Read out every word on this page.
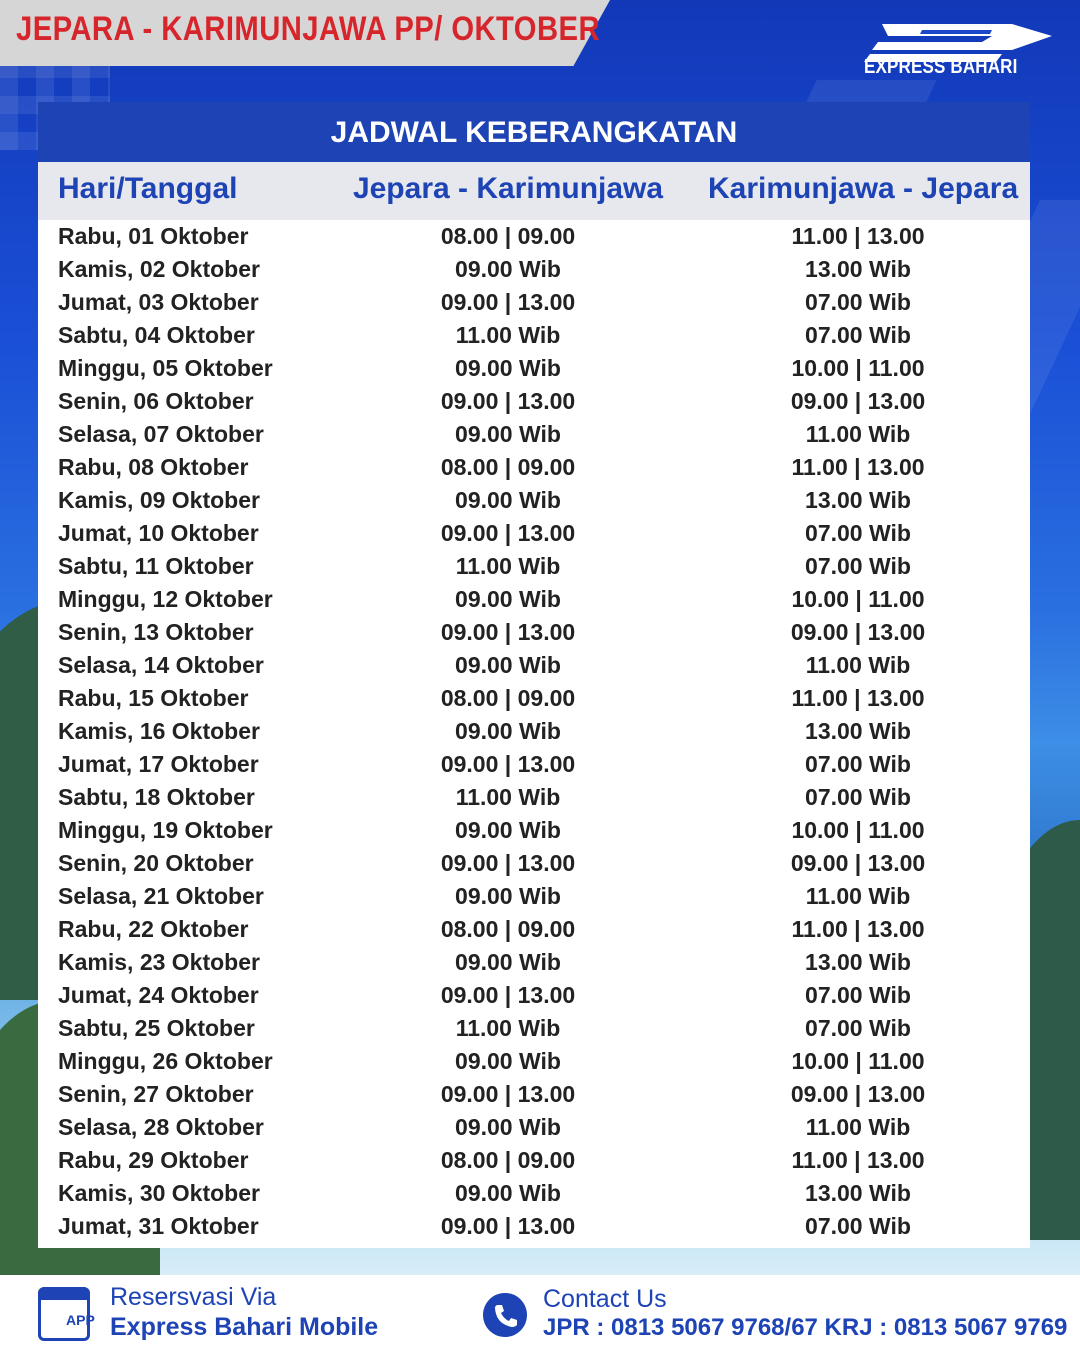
JEPARA - KARIMUNJAWA PP/ OKTOBER
EXPRESS BAHARI
JADWAL KEBERANGKATAN
Hari/Tanggal	Jepara - Karimunjawa	Karimunjawa - Jepara
Rabu, 01 Oktober	08.00 | 09.00	11.00 | 13.00
Kamis, 02 Oktober	09.00 Wib	13.00 Wib
Jumat, 03 Oktober	09.00 | 13.00	07.00 Wib
Sabtu, 04 Oktober	11.00 Wib	07.00 Wib
Minggu, 05 Oktober	09.00 Wib	10.00 | 11.00
Senin, 06 Oktober	09.00 | 13.00	09.00 | 13.00
Selasa, 07 Oktober	09.00 Wib	11.00 Wib
Rabu, 08 Oktober	08.00 | 09.00	11.00 | 13.00
Kamis, 09 Oktober	09.00 Wib	13.00 Wib
Jumat, 10 Oktober	09.00 | 13.00	07.00 Wib
Sabtu, 11 Oktober	11.00 Wib	07.00 Wib
Minggu, 12 Oktober	09.00 Wib	10.00 | 11.00
Senin, 13 Oktober	09.00 | 13.00	09.00 | 13.00
Selasa, 14 Oktober	09.00 Wib	11.00 Wib
Rabu, 15 Oktober	08.00 | 09.00	11.00 | 13.00
Kamis, 16 Oktober	09.00 Wib	13.00 Wib
Jumat, 17 Oktober	09.00 | 13.00	07.00 Wib
Sabtu, 18 Oktober	11.00 Wib	07.00 Wib
Minggu, 19 Oktober	09.00 Wib	10.00 | 11.00
Senin, 20 Oktober	09.00 | 13.00	09.00 | 13.00
Selasa, 21 Oktober	09.00 Wib	11.00 Wib
Rabu, 22 Oktober	08.00 | 09.00	11.00 | 13.00
Kamis, 23 Oktober	09.00 Wib	13.00 Wib
Jumat, 24 Oktober	09.00 | 13.00	07.00 Wib
Sabtu, 25 Oktober	11.00 Wib	07.00 Wib
Minggu, 26 Oktober	09.00 Wib	10.00 | 11.00
Senin, 27 Oktober	09.00 | 13.00	09.00 | 13.00
Selasa, 28 Oktober	09.00 Wib	11.00 Wib
Rabu, 29 Oktober	08.00 | 09.00	11.00 | 13.00
Kamis, 30 Oktober	09.00 Wib	13.00 Wib
Jumat, 31 Oktober	09.00 | 13.00	07.00 Wib
APP
Resersvasi Via
Express Bahari Mobile
Contact Us
JPR : 0813 5067 9768/67 KRJ : 0813 5067 9769
